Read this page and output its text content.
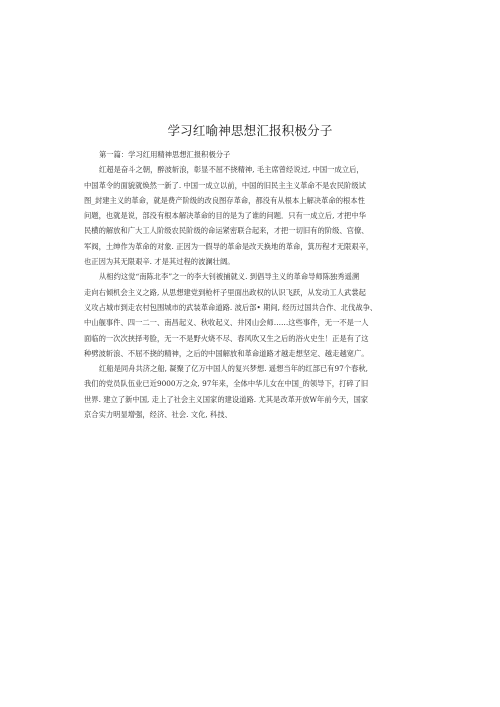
学习红喻神思想汇报积极分子
第一篇：学习红用精神思想汇报积极分子
红超是奋斗之朝，醉波斩浪，彰显不屈不挠精神, 毛主席曾经说过, 中国一成立后，
中国革令的面貌就焕然一新了. 中国一成立以前，中国的旧民主主义革命不是农民阶级试
图_封建主义的革命，就是费产阶级的改良图存革命，都没有从根本上解决革命的根本性
问题，也就是说，部没有根本解决革命的目的是为了谁的问题．只有一成立后, 才把中华
民横的解放和广大工人阶级农民阶级的命运紧密联合起来，才把一切旧有的阶级、官僚、
军阀，土绅作为革命的对象. 正因为一假导的革命是改天换地的革命，箕历程才无限艰辛，
也正因为其无限艰辛. 才是其过程的波澜壮阔。
从相约这觉“南陈北李”之一的李大钊被捕就义. 到倡导主义的革命导师陈独秀遥溯
走向右倾机会主义之路, 从思想建党到枪杆子里面出政权的认识飞跃，从发动工人武裳起
义攻占城市到走农村包围城市的武装革命道路. 波后部• 期间, 经历过国共合作、北伐战争、
中山舰事件、四一二一、南昌起义、秋收起义、井冈山会师……这些事件，无一不是一人
面临的一次次挟择考脸，无一不是野火烧不尽、春风吹又生之后的浴火史生！正是有了这
种劈波斩浪、不屈不挠的精神，之后的中国解放和革命道路才越走想坚定、越走越宽广。
红船是同舟共济之船, 凝聚了亿万中国人的复兴梦想. 遥想当年的红部已有97个春秋,
我们的党员队伍业已近9000万之众, 97年来，全体中华儿女在中国_的领导下，打碎了旧
世界. 建立了新中国, 走上了社会主义国家的建设道路. 尤其是改革开放W年前今天，国家
京合实力明显增强，经济、社会. 文化, 科技、
